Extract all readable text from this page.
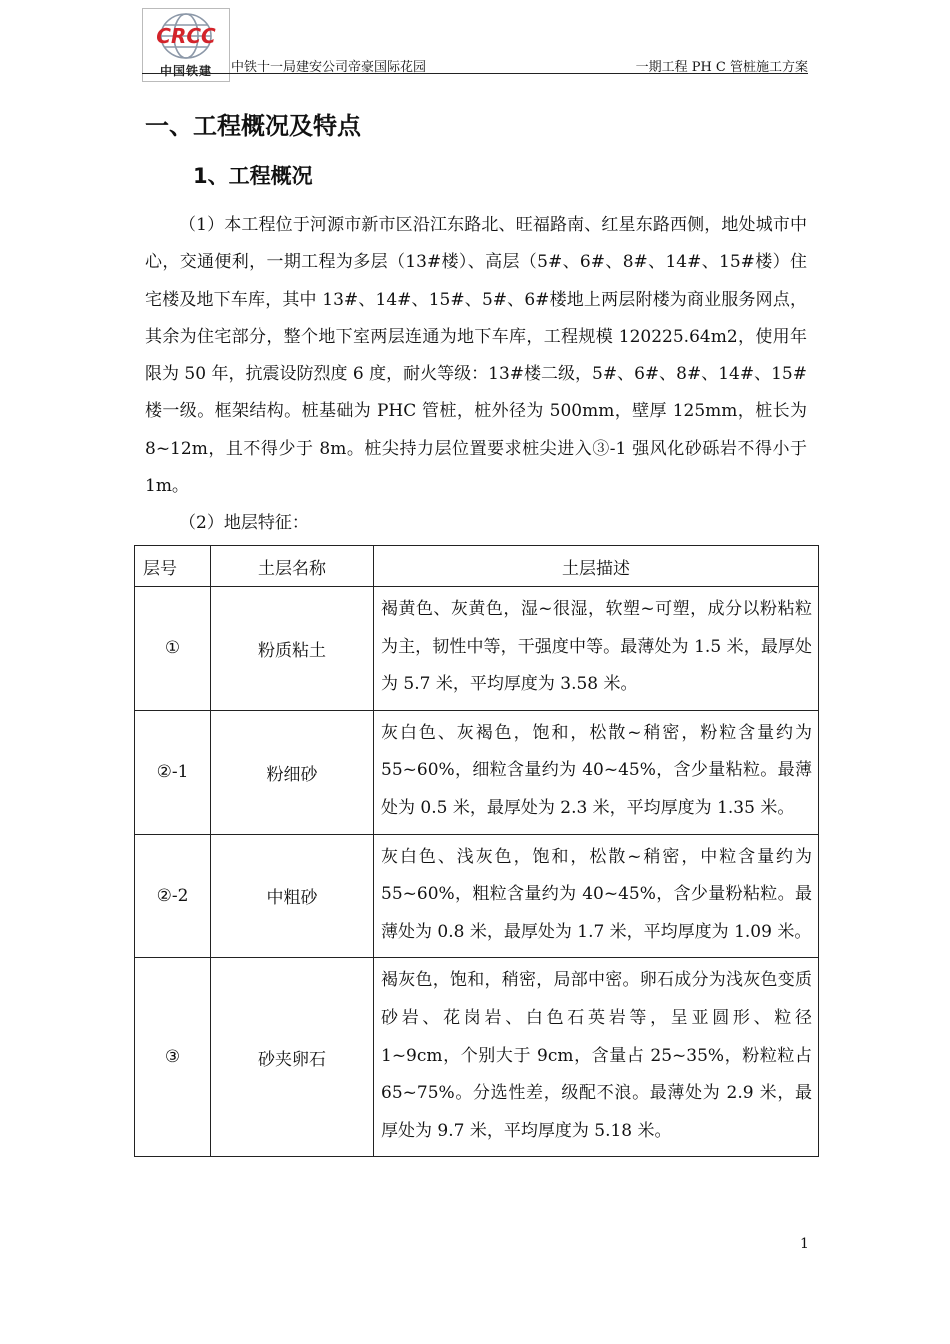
CRCC
中国铁建	中铁十一局建安公司帝豪国际花园	一期工程 PH C 管桩施工方案
一、工程概况及特点
1、工程概况
（1）本工程位于河源市新市区沿江东路北、旺福路南、红星东路西侧，地处城市中心，交通便利，一期工程为多层（13#楼）、高层（5#、6#、8#、14#、15#楼）住宅楼及地下车库，其中 13#、14#、15#、5#、6#楼地上两层附楼为商业服务网点，其余为住宅部分，整个地下室两层连通为地下车库，工程规模 120225.64m2，使用年限为 50 年，抗震设防烈度 6 度，耐火等级：13#楼二级，5#、6#、8#、14#、15#楼一级。框架结构。桩基础为 PHC 管桩，桩外径为 500mm，壁厚 125mm，桩长为 8~12m，且不得少于 8m。桩尖持力层位置要求桩尖进入③-1 强风化砂砾岩不得小于 1m。
（2）地层特征：
层号	土层名称	土层描述
①	粉质粘土	褐黄色、灰黄色，湿~很湿，软塑~可塑，成分以粉粘粒为主，韧性中等，干强度中等。最薄处为 1.5 米，最厚处为 5.7 米，平均厚度为 3.58 米。
②-1	粉细砂	灰白色、灰褐色，饱和，松散~稍密，粉粒含量约为 55~60%，细粒含量约为 40~45%，含少量粘粒。最薄处为 0.5 米，最厚处为 2.3 米，平均厚度为 1.35 米。
②-2	中粗砂	灰白色、浅灰色，饱和，松散~稍密，中粒含量约为 55~60%，粗粒含量约为 40~45%，含少量粉粘粒。最薄处为 0.8 米，最厚处为 1.7 米，平均厚度为 1.09 米。
③	砂夹卵石	褐灰色，饱和，稍密，局部中密。卵石成分为浅灰色变质砂岩、花岗岩、白色石英岩等，呈亚圆形、粒径 1~9cm，个别大于 9cm，含量占 25~35%，粉粒粒占 65~75%。分选性差，级配不浪。最薄处为 2.9 米，最厚处为 9.7 米，平均厚度为 5.18 米。
1
